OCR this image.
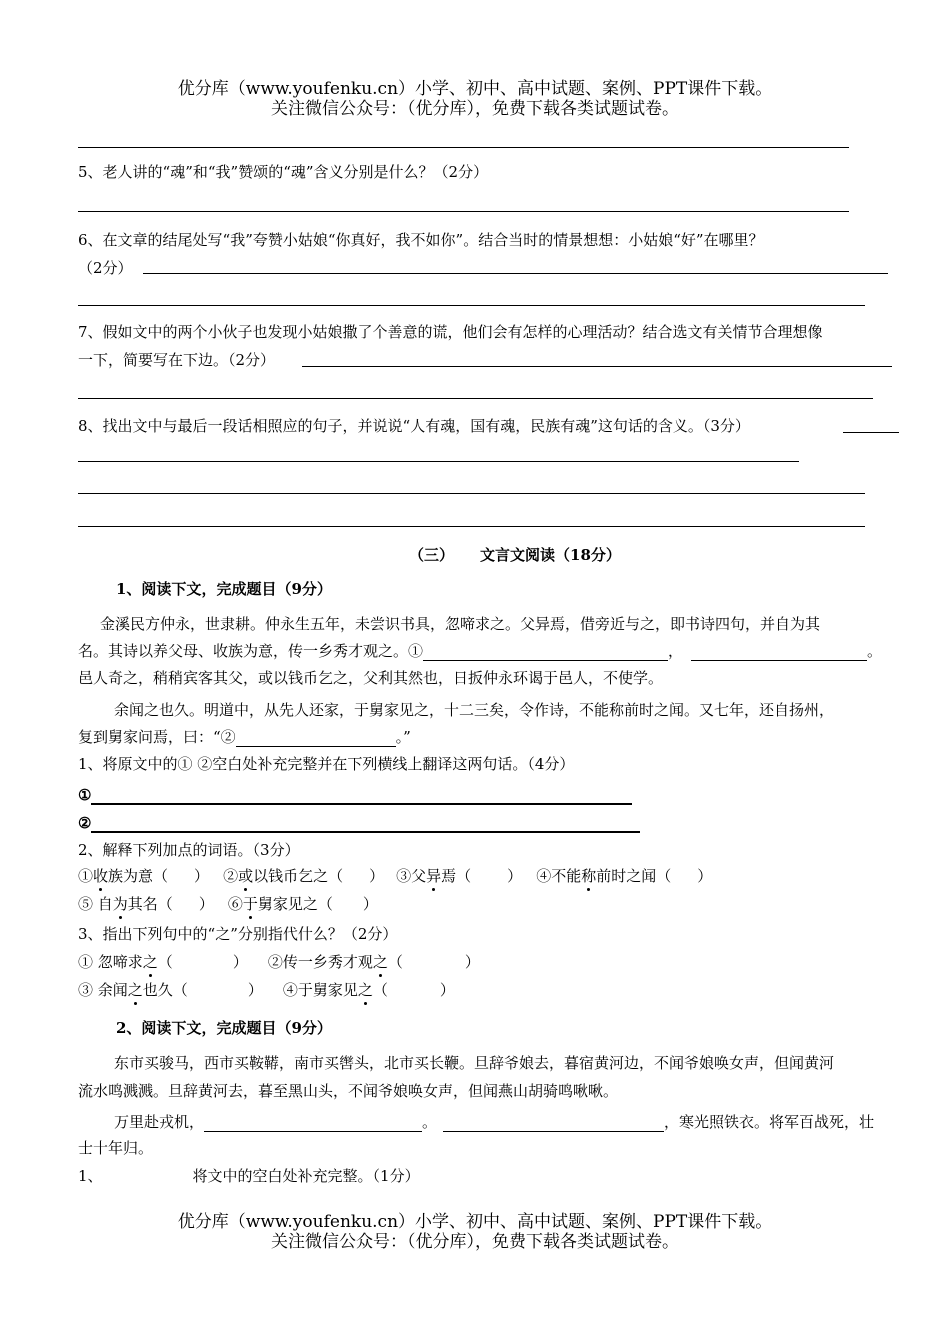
优分库（www.youfenku.cn）小学、初中、高中试题、案例、PPT课件下载。
关注微信公众号：（优分库），免费下载各类试题试卷。
5、老人讲的“魂”和“我”赞颂的“魂”含义分别是什么？（2分）
6、在文章的结尾处写“我”夸赞小姑娘“你真好，我不如你”。结合当时的情景想想：小姑娘“好”在哪里？
（2分）
7、假如文中的两个小伙子也发现小姑娘撒了个善意的谎，他们会有怎样的心理活动？结合选文有关情节合理想像
一下，简要写在下边。（2分）
8、找出文中与最后一段话相照应的句子，并说说“人有魂，国有魂，民族有魂”这句话的含义。（3分）
（三） 文言文阅读（18分）
1、阅读下文，完成题目（9分）
金溪民方仲永，世隶耕。仲永生五年，未尝识书具，忽啼求之。父异焉，借旁近与之，即书诗四句，并自为其
名。其诗以养父母、收族为意，传一乡秀才观之。①	，	。
邑人奇之，稍稍宾客其父，或以钱币乞之，父利其然也，日扳仲永环谒于邑人，不使学。
余闻之也久。明道中，从先人还家，于舅家见之，十二三矣，令作诗，不能称前时之闻。又七年，还自扬州，
复到舅家问焉，曰：“②	。”
1、将原文中的① ②空白处补充完整并在下列横线上翻译这两句话。（4分）
①
②
2、解释下列加点的词语。（3分）
①收族为意（ ） ②或以钱币乞之（ ） ③父异焉（ ） ④不能称前时之闻（ ）
⑤ 自为其名（ ） ⑥于舅家见之（ ）
3、指出下列句中的“之”分别指代什么？（2分）
① 忽啼求之（	） ②传一乡秀才观之（	）
③ 余闻之也久（	） ④于舅家见之（	）
2、阅读下文，完成题目（9分）
东市买骏马，西市买鞍鞯，南市买辔头，北市买长鞭。旦辞爷娘去，暮宿黄河边，不闻爷娘唤女声，但闻黄河
流水鸣溅溅。旦辞黄河去，暮至黑山头，不闻爷娘唤女声，但闻燕山胡骑鸣啾啾。
万里赴戎机，	。	，寒光照铁衣。将军百战死，壮
士十年归。
1、	将文中的空白处补充完整。（1分）
优分库（www.youfenku.cn）小学、初中、高中试题、案例、PPT课件下载。
关注微信公众号：（优分库），免费下载各类试题试卷。
